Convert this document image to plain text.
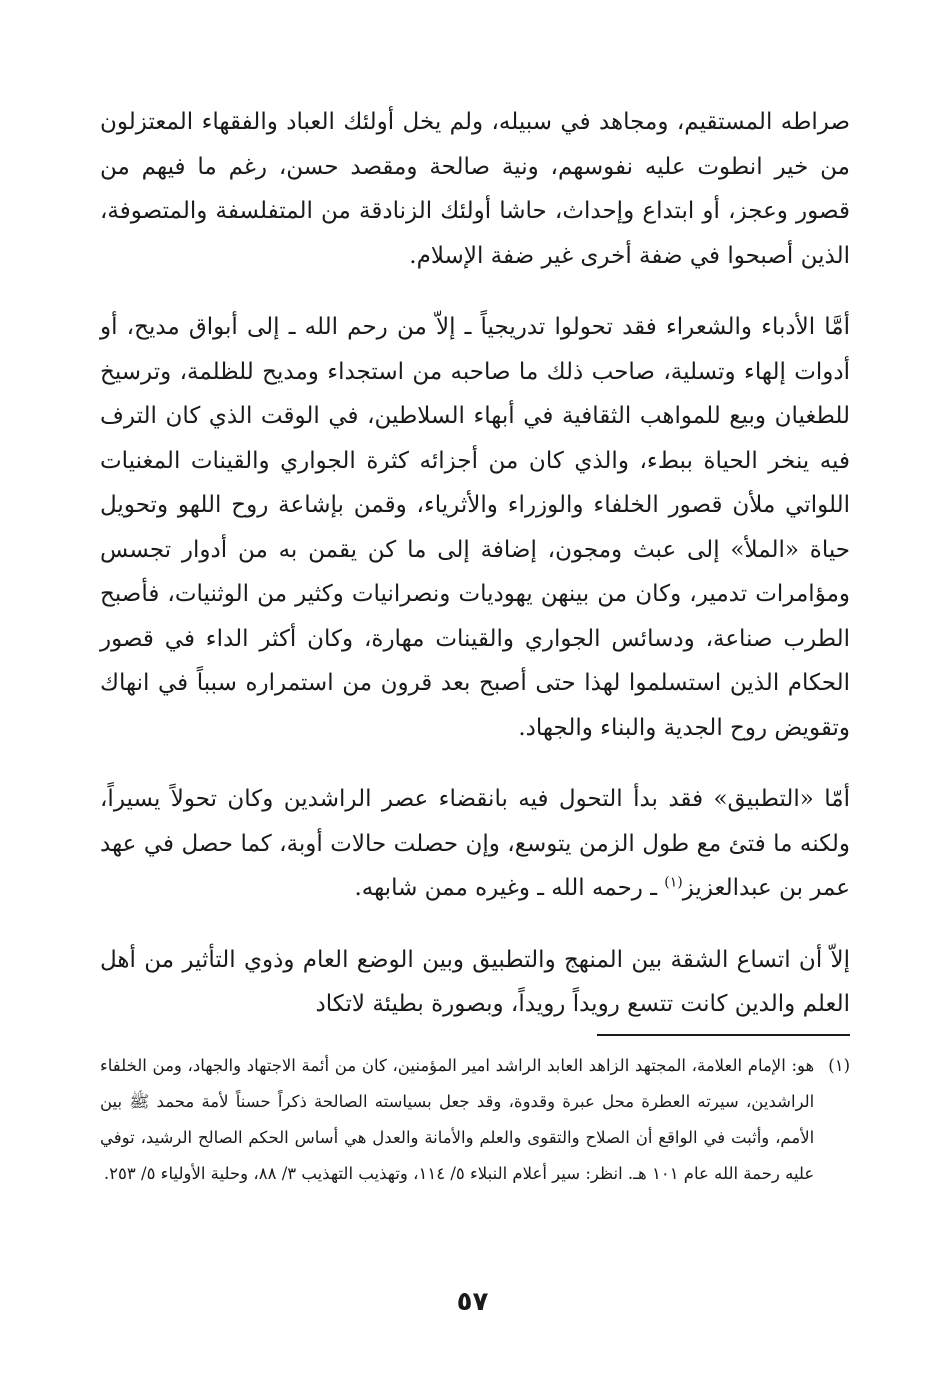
صراطه المستقيم، ومجاهد في سبيله، ولم يخل أولئك العباد والفقهاء المعتزلون من خير انطوت عليه نفوسهم، ونية صالحة ومقصد حسن، رغم ما فيهم من قصور وعجز، أو ابتداع وإحداث، حاشا أولئك الزنادقة من المتفلسفة والمتصوفة، الذين أصبحوا في ضفة أخرى غير ضفة الإسلام.

أمَّا الأدباء والشعراء فقد تحولوا تدريجياً ـ إلاّ من رحم الله ـ إلى أبواق مديح، أو أدوات إلهاء وتسلية، صاحب ذلك ما صاحبه من استجداء ومديح للظلمة، وترسيخ للطغيان وبيع للمواهب الثقافية في أبهاء السلاطين، في الوقت الذي كان الترف فيه ينخر الحياة ببطء، والذي كان من أجزائه كثرة الجواري والقينات المغنيات اللواتي ملأن قصور الخلفاء والوزراء والأثرياء، وقمن بإشاعة روح اللهو وتحويل حياة «الملأ» إلى عبث ومجون، إضافة إلى ما كن يقمن به من أدوار تجسس ومؤامرات تدمير، وكان من بينهن يهوديات ونصرانيات وكثير من الوثنيات، فأصبح الطرب صناعة، ودسائس الجواري والقينات مهارة، وكان أكثر الداء في قصور الحكام الذين استسلموا لهذا حتى أصبح بعد قرون من استمراره سبباً في انهاك وتقويض روح الجدية والبناء والجهاد.

أمّا «التطبيق» فقد بدأ التحول فيه بانقضاء عصر الراشدين وكان تحولاً يسيراً، ولكنه ما فتئ مع طول الزمن يتوسع، وإن حصلت حالات أوبة، كما حصل في عهد عمر بن عبدالعزيز$^{(١)}$ ـ رحمه الله ـ وغيره ممن شابهه.

إلاّ أن اتساع الشقة بين المنهج والتطبيق وبين الوضع العام وذوي التأثير من أهل العلم والدين كانت تتسع رويداً رويداً، وبصورة بطيئة لاتكاد

(١)
هو: الإمام العلامة، المجتهد الزاهد العابد الراشد امير المؤمنين، كان من أئمة الاجتهاد والجهاد، ومن الخلفاء الراشدين، سيرته العطرة محل عبرة وقدوة، وقد جعل بسياسته الصالحة ذكراً حسناً لأمة محمد ﷺ بين الأمم، وأثبت في الواقع أن الصلاح والتقوى والعلم والأمانة والعدل هي أساس الحكم الصالح الرشيد، توفي عليه رحمة الله عام ١٠١ هـ. انظر: سير أعلام النبلاء ٥/ ١١٤، وتهذيب التهذيب ٣/ ٨٨، وحلية الأولياء ٥/ ٢٥٣.
٥٧
